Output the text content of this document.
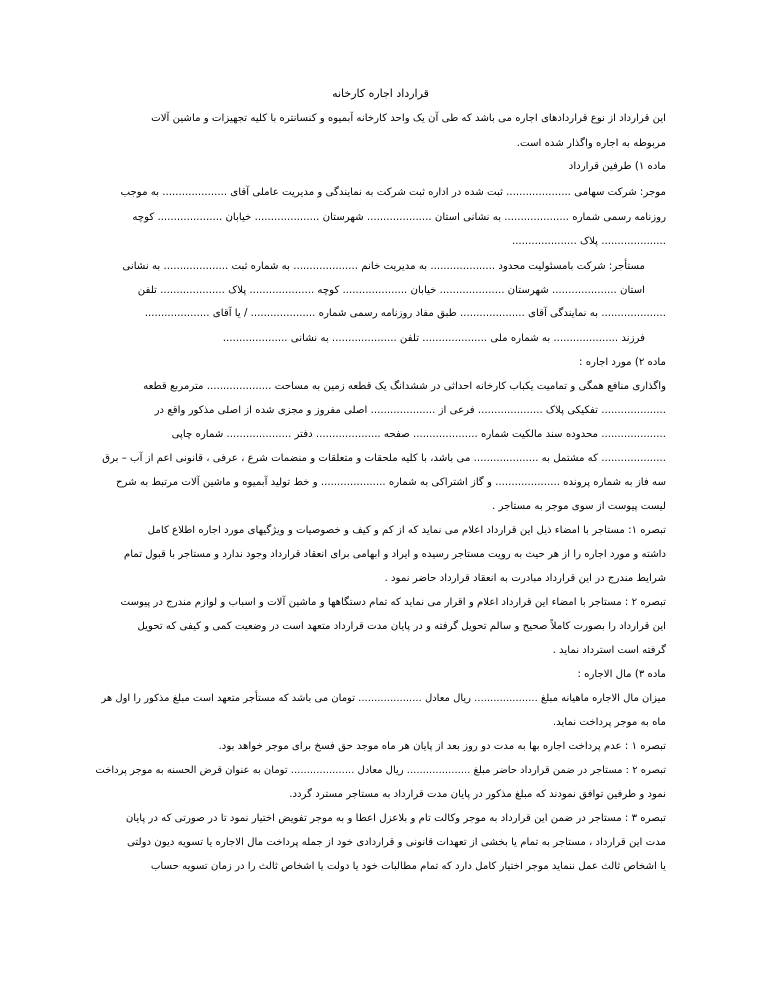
قرارداد اجاره کارخانه
این قرارداد از نوع قراردادهای اجاره می باشد که طی آن یک واحد کارخانه آبمیوه و کنسانتره با کلیه تجهیزات و ماشین آلات
مربوطه به اجاره واگذار شده است.
ماده ۱) طرفین قرارداد
موجر: شرکت سهامی .................... ثبت شده در اداره ثبت شرکت به نمایندگی و مدیریت عاملی آقای .................... به موجب
روزنامه رسمی شماره .................... به نشانی استان .................... شهرستان .................... خیابان .................... کوچه
.................... پلاک ....................
مستأجر: شرکت بامسئولیت محدود .................... به مدیریت خانم .................... به شماره ثبت .................... به نشانی
استان .................... شهرستان .................... خیابان .................... کوچه .................... پلاک .................... تلفن
.................... به نمایندگی آقای .................... طبق مفاد روزنامه رسمی شماره .................... / یا آقای ....................
فرزند .................... به شماره ملی .................... تلفن .................... به نشانی ....................
ماده ۲) مورد اجاره :
واگذاری منافع همگی و تمامیت یکباب کارخانه احداثی در ششدانگ یک قطعه زمین به مساحت .................... مترمربع قطعه
.................... تفکیکی پلاک .................... فرعی از .................... اصلی مفروز و مجزی شده از اصلی مذکور واقع در
.................... محدوده سند مالکیت شماره .................... صفحه .................... دفتر .................... شماره چاپی
.................... که مشتمل به .................... می باشد، با کلیه ملحقات و متعلقات و منضمات شرع ، عرفی ، قانونی اعم از آب – برق
سه فاز به شماره پرونده .................... و گاز اشتراکی به شماره .................... و خط تولید آبمیوه و ماشین آلات مرتبط به شرح
لیست پیوست از سوی موجر به مستاجر .
تبصره ۱: مستاجر با امضاء ذیل این قرارداد اعلام می نماید که از کم و کیف و خصوصیات و ویژگیهای مورد اجاره اطلاع کامل
داشته و مورد اجاره را از هر حیث به رویت مستاجر رسیده و ایراد و ابهامی برای انعقاد قرارداد وجود ندارد و مستاجر با قبول تمام
شرایط مندرج در این قرارداد مبادرت به انعقاد قرارداد حاضر نمود .
تبصره ۲ : مستاجر با امضاء این قرارداد اعلام و اقرار می نماید که تمام دستگاهها و ماشین آلات و اسباب و لوازم مندرج در پیوست
این قرارداد را بصورت کاملاً صحیح و سالم تحویل گرفته و در پایان مدت قرارداد متعهد است در وضعیت کمی و کیفی که تحویل
گرفته است استرداد نماید .
ماده ۳) مال الاجاره :
میزان مال الاجاره ماهیانه مبلغ .................... ریال معادل .................... تومان می باشد که مستأجر متعهد است مبلغ مذکور را اول هر
ماه به موجر پرداخت نماید.
تبصره ۱ : عدم پرداخت اجاره بها به مدت دو روز بعد از پایان هر ماه موجد حق فسخ برای موجر خواهد بود.
تبصره ۲ : مستاجر در ضمن قرارداد حاضر مبلغ .................... ریال معادل .................... تومان به عنوان قرض الحسنه به موجر پرداخت
نمود و طرفین توافق نمودند که مبلغ مذکور در پایان مدت قرارداد به مستاجر مسترد گردد.
تبصره ۳ : مستاجر در ضمن این قرارداد به موجر وکالت تام و بلاعزل اعطا و به موجر تفویض اختیار نمود تا در صورتی که در پایان
مدت این قرارداد ، مستاجر به تمام یا بخشی از تعهدات قانونی و قراردادی خود از جمله پرداخت مال الاجاره یا تسویه دیون دولتی
یا اشخاص ثالث عمل ننماید موجر اختیار کامل دارد که تمام مطالبات خود یا دولت یا اشخاص ثالث را در زمان تسویه حساب
